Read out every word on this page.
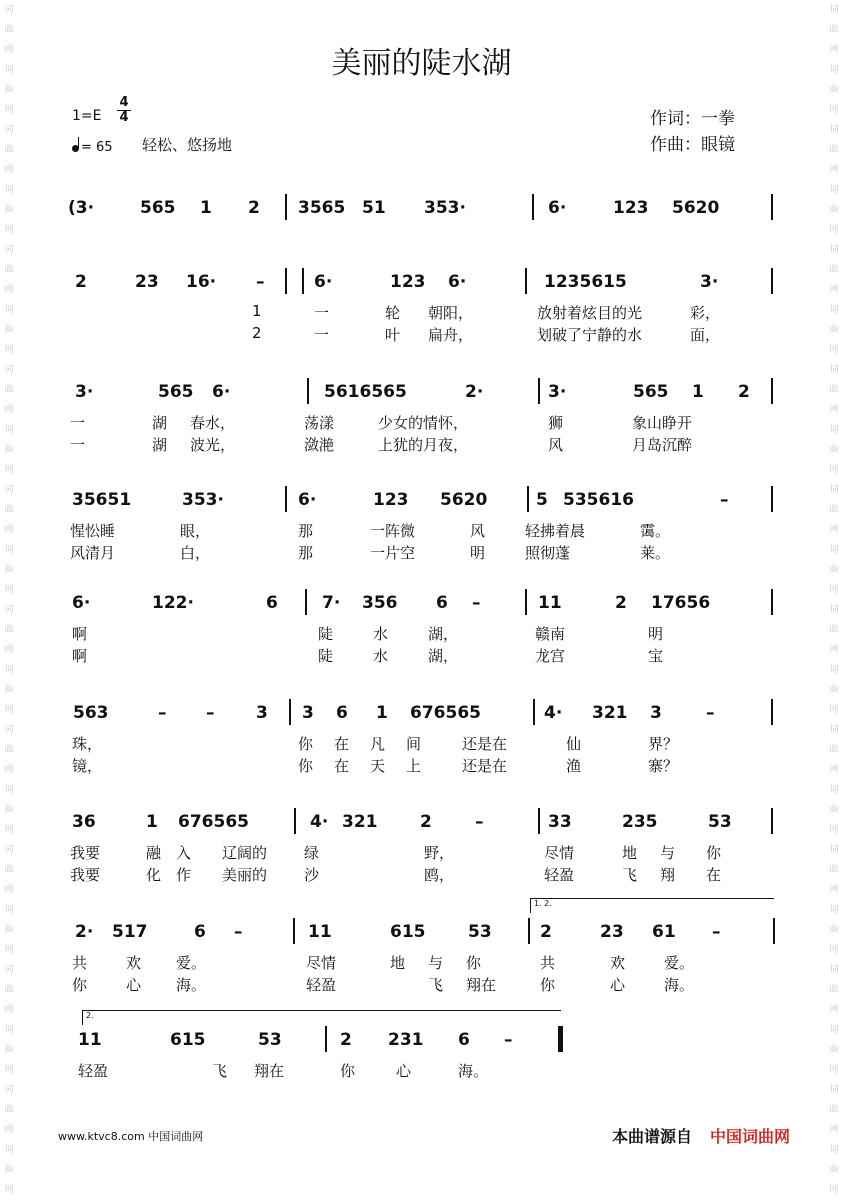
词
曲
网
词
曲
网
词
曲
网
词
曲
网
词
曲
网
词
曲
网
词
曲
网
词
曲
网
词
曲
网
词
曲
网
词
曲
网
词
曲
网
词
曲
网
词
曲
网
词
曲
网
词
曲
网
词
曲
网
词
曲
网
词
曲
网
词
曲
网
词
曲
网
词
曲
网
词
曲
网
词
曲
网
词
曲
网
词
曲
网
词
曲
网
词
曲
网
词
曲
网
词
曲
网
词
曲
网
词
曲
网
词
曲
网
词
曲
网
词
曲
网
词
曲
网
词
曲
网
词
曲
网
词
曲
网
词
曲
网
美丽的陡水湖
1=E
4
4
= 65 轻松、悠扬地
作词：一拳
作曲：眼镜
(3·	565 1 2 3565 51 353·	6·	123 5620
2	23 16· –	6·	123 6·	1235615	3·
1	一	轮 朝阳，	放射着炫目的光	彩，
2	一	叶 扁舟，	划破了宁静的水	面，
3·	565 6·	5616565	2·	3·	565 1 2
一	湖 春水，	荡漾	少女的情怀，	狮	象山睁开
一	湖 波光，	潋滟	上犹的月夜，	风	月岛沉醉
35651	353·	6·	123 5620	5 535616	–
惺忪睡	眼，	那	一阵微	风	轻拂着晨	霭。
风清月	白，	那	一片空	明	照彻蓬	莱。
6·	122·	6	7· 356 6 –	11	2 17656
啊	陡	水	湖，	赣南	明
啊	陡	水	湖，	龙宫	宝
563	– – 3 3 6 1 676565	4· 321 3	–
珠，	你 在 凡 间	还是在	仙	界？
镜，	你 在 天 上	还是在	渔	寨？
36	1 676565	4· 321	2	–	33	235	53
我要	融 入 辽阔的 绿	野，	尽情	地 与 你
我要	化 作 美丽的 沙	鸥，	轻盈	飞 翔 在
2· 517	6 –	11	615	53	2	23 61 –
共	欢 爱。	尽情	地 与 你	共	欢	爱。
你	心 海。	轻盈	飞 翔在	你	心	海。
11	615	53	2 231 6 –
轻盈	飞 翔在	你	心	海。
www.ktvc8.com 中国词曲网	本曲谱源自 中国词曲网
1. 2.
2.
